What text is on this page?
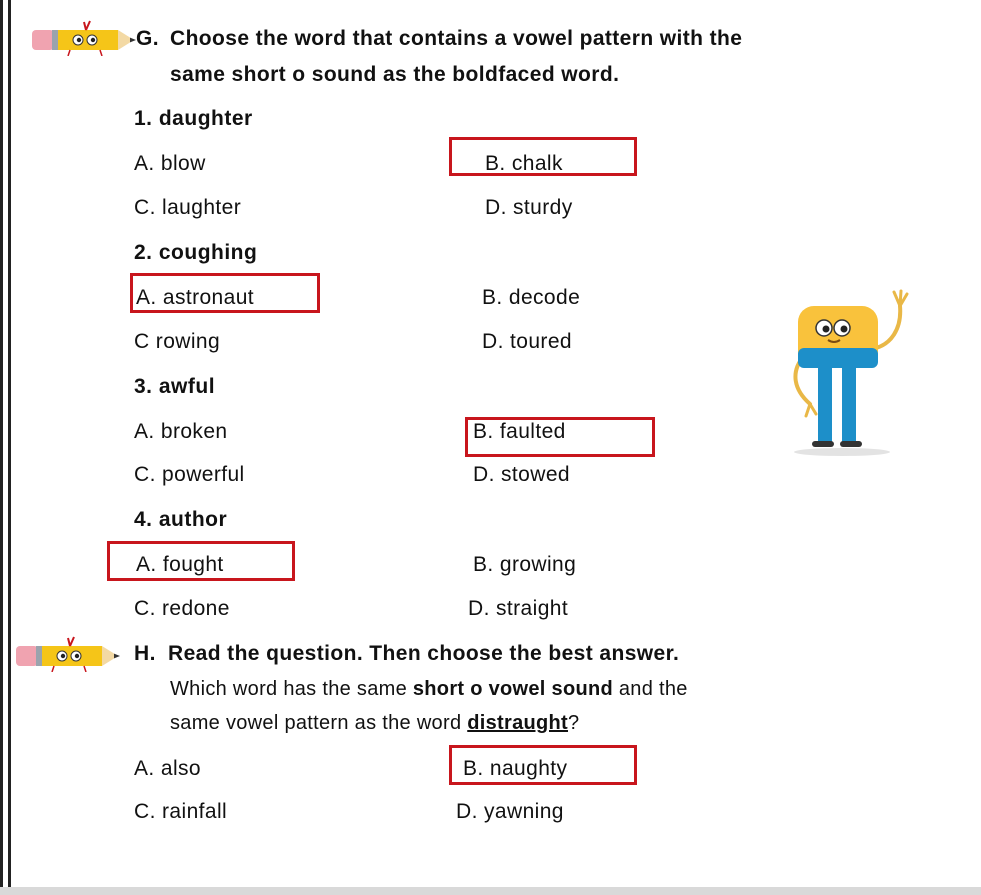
G. Choose the word that contains a vowel pattern with the
same short o sound as the boldfaced word.
1. daughter
A. blow	B. chalk
C. laughter	D. sturdy
2. coughing
A. astronaut	B. decode
C rowing	D. toured
3. awful
A. broken	B. faulted
C. powerful	D. stowed
4. author
A. fought	B. growing
C. redone	D. straight
H. Read the question. Then choose the best answer.
Which word has the same short o vowel sound and the
same vowel pattern as the word distraught?
A. also	B. naughty
C. rainfall	D. yawning
